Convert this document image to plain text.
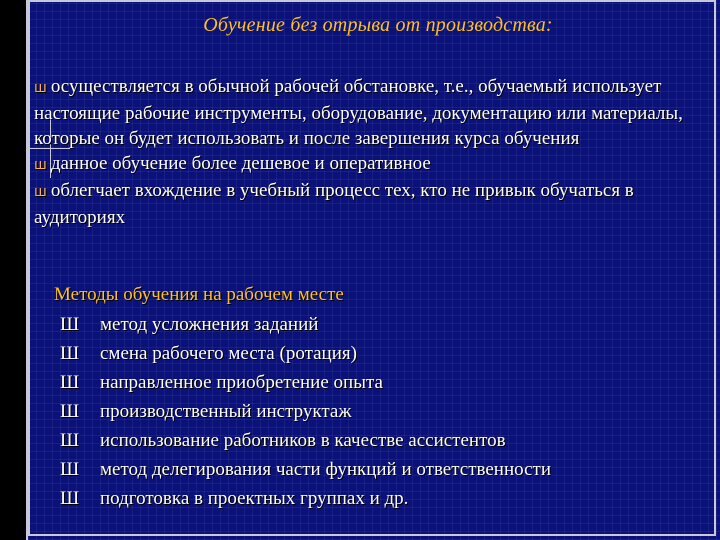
Обучение без отрыва от производства:

ш осуществляется в обычной рабочей обстановке, т.е., обучаемый использует настоящие рабочие инструменты, оборудование, документацию или материалы, которые он будет использовать и после завершения курса обучения

ш данное обучение более дешевое и оперативное

ш облегчает вхождение в учебный процесс тех, кто не привык обучаться в аудиториях

Методы обучения на рабочем месте
Ш	метод усложнения заданий
Ш	смена рабочего места (ротация)
Ш	направленное приобретение опыта
Ш	производственный инструктаж
Ш	использование работников в качестве ассистентов
Ш	метод делегирования части функций и ответственности
Ш	подготовка в проектных группах и др.
